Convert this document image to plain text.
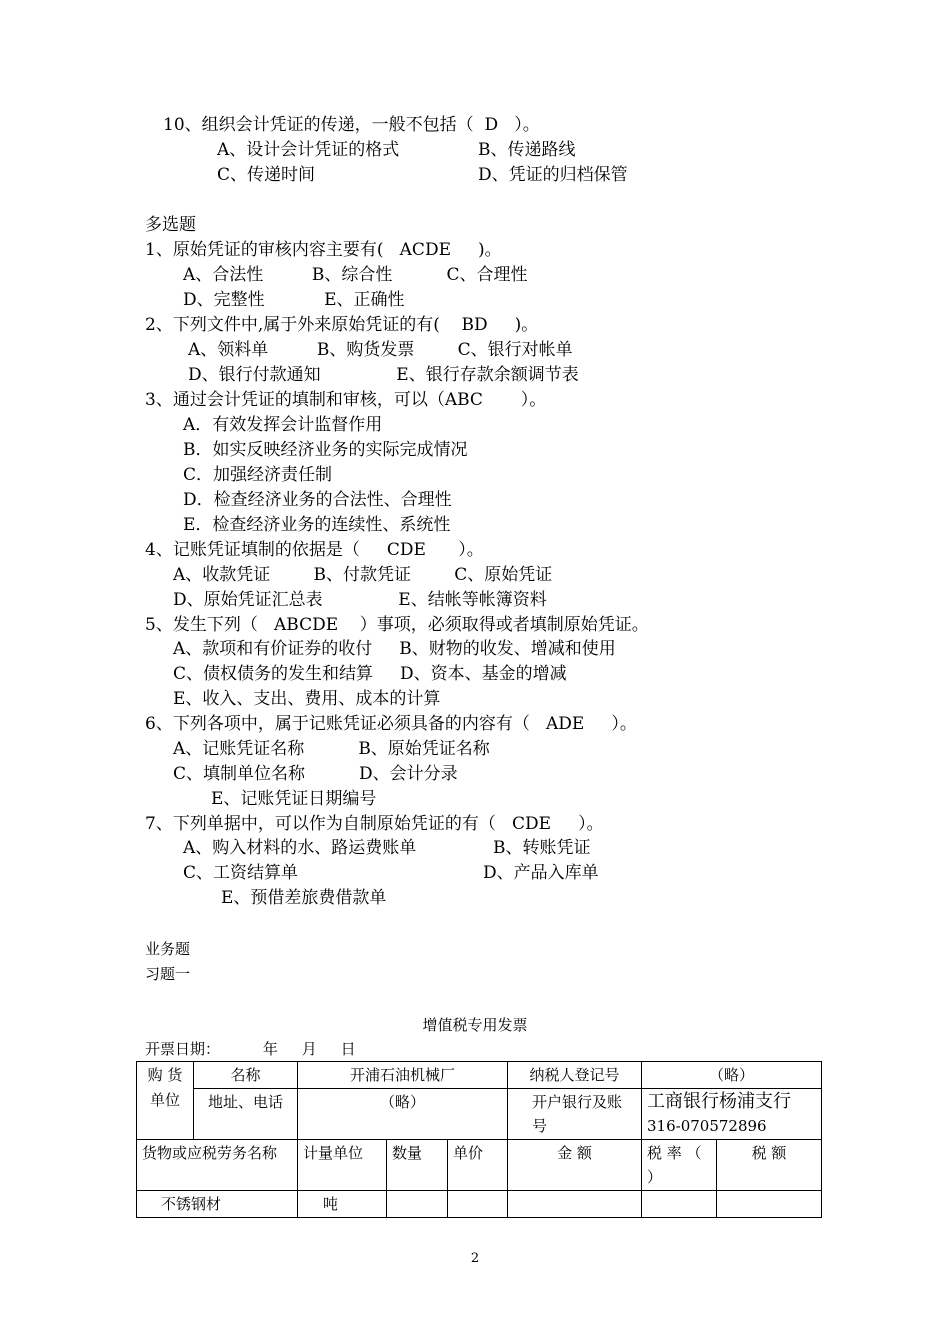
10、组织会计凭证的传递，一般不包括（  D   ）。
A、设计会计凭证的格式	B、传递路线
C、传递时间	D、凭证的归档保管
多选题
1、原始凭证的审核内容主要有(   ACDE     )。
A、合法性         B、综合性          C、合理性
D、完整性           E、正确性
2、下列文件中,属于外来原始凭证的有(    BD     )。
A、领料单         B、购货发票        C、银行对帐单
D、银行付款通知              E、银行存款余额调节表
3、通过会计凭证的填制和审核，可以（ABC       ）。
A．有效发挥会计监督作用
B．如实反映经济业务的实际完成情况
C．加强经济责任制
D．检查经济业务的合法性、合理性
E．检查经济业务的连续性、系统性
4、记账凭证填制的依据是（     CDE      ）。
A、收款凭证        B、付款凭证        C、原始凭证
D、原始凭证汇总表              E、结帐等帐簿资料
5、发生下列（   ABCDE    ）事项，必须取得或者填制原始凭证。
A、款项和有价证券的收付     B、财物的收发、增减和使用
C、债权债务的发生和结算     D、资本、基金的增减
E、收入、支出、费用、成本的计算
6、下列各项中，属于记账凭证必须具备的内容有（   ADE     ）。
A、记账凭证名称          B、原始凭证名称
C、填制单位名称          D、会计分录
E、记账凭证日期编号
7、下列单据中，可以作为自制原始凭证的有（   CDE     ）。
A、购入材料的水、路运费账单	B、转账凭证
C、工资结算单	D、产品入库单
E、预借差旅费借款单
业务题
习题一
增值税专用发票
开票日期：         年     月     日
购 货 单位	名称	开浦石油机械厂			纳税人登记号	（略）	
	地址、电话	（略）			开户银行及账号	工商银行杨浦支行
316-070572896	

货物或应税劳务名称		计量单位	数量	单价	金 额	税 率 （ ）	税 额
不锈钢材		吨					
2
